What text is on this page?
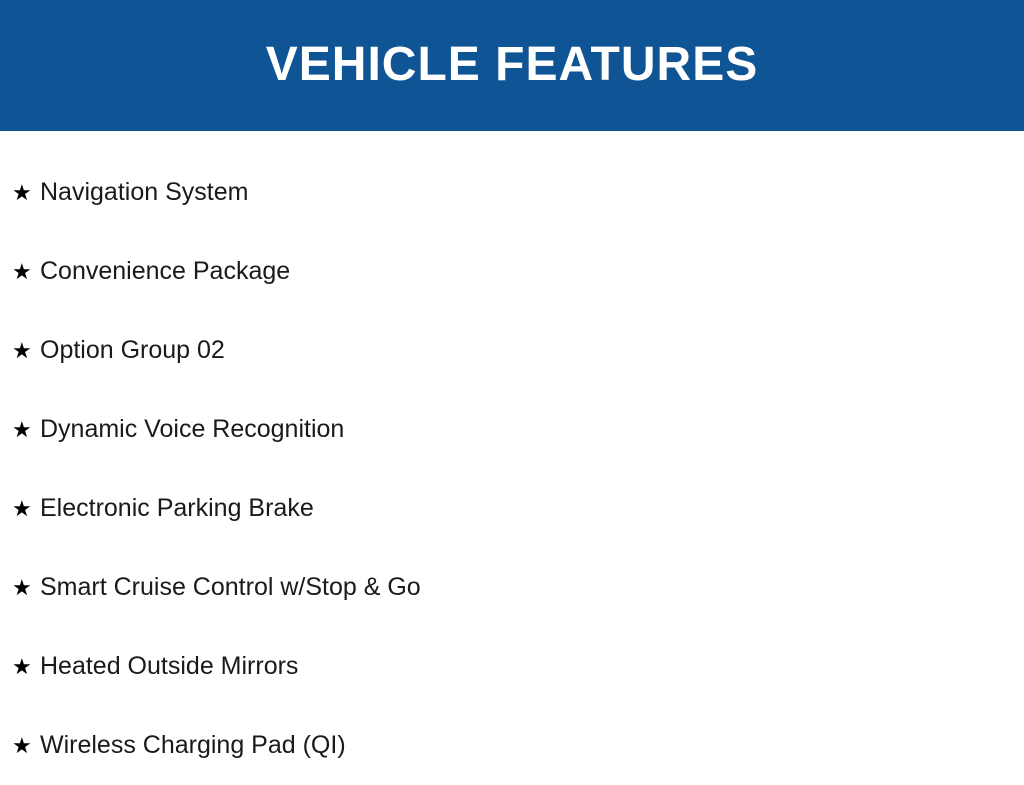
VEHICLE FEATURES
★ Navigation System
★ Convenience Package
★ Option Group 02
★ Dynamic Voice Recognition
★ Electronic Parking Brake
★ Smart Cruise Control w/Stop & Go
★ Heated Outside Mirrors
★ Wireless Charging Pad (QI)
